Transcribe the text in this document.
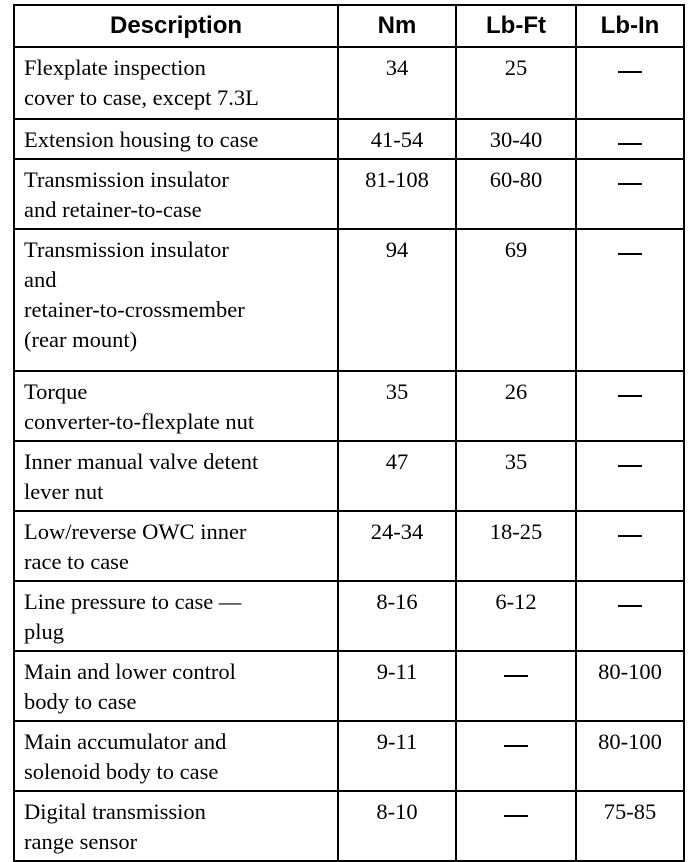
Description	Nm	Lb-Ft	Lb-In
Flexplate inspection
cover to case, except 7.3L	34	25	

Extension housing to case	41-54	30-40	

Transmission insulator
and retainer-to-case	81-108	60-80	

Transmission insulator
and
retainer-to-crossmember
(rear mount)	94	69	

Torque
converter-to-flexplate nut	35	26	

Inner manual valve detent
lever nut	47	35	

Low/reverse OWC inner
race to case	24-34	18-25	

Line pressure to case —
plug	8-16	6-12	

Main and lower control
body to case	9-11		80-100
Main accumulator and
solenoid body to case	9-11		80-100
Digital transmission
range sensor	8-10		75-85
